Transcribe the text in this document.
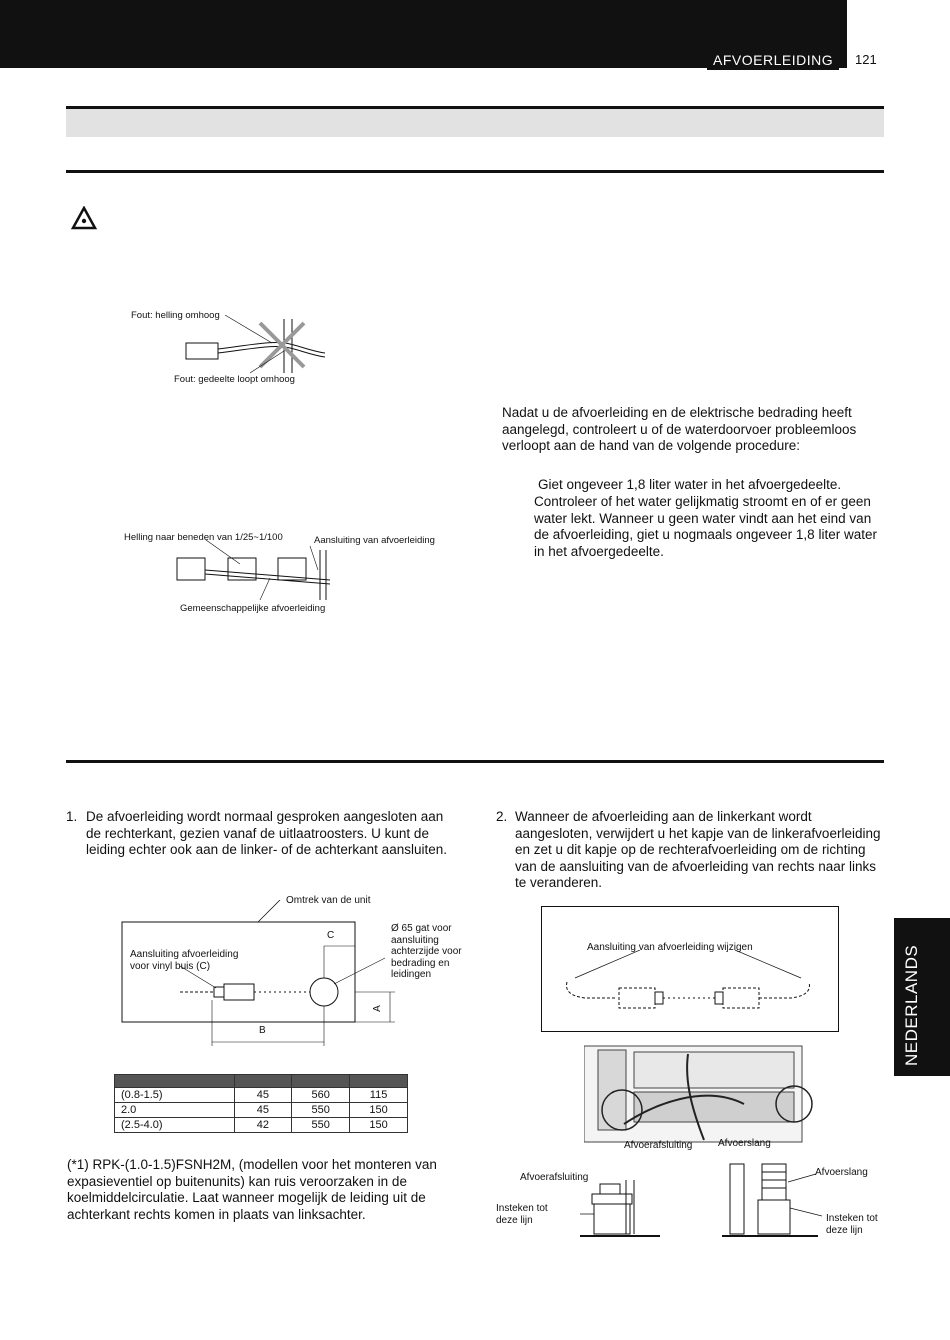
AFVOERLEIDING	121
Fout: helling omhoog
Fout: gedeelte loopt omhoog
Helling naar beneden van 1/25~1/100	Aansluiting van afvoerleiding
Gemeenschappelijke afvoerleiding
Nadat u de afvoerleiding en de elektrische bedrading heeft aangelegd, controleert u of de waterdoorvoer probleemloos verloopt aan de hand van de volgende procedure:
Giet ongeveer 1,8 liter water in het afvoergedeelte.
Controleer of het water gelijkmatig stroomt en of er geen water lekt. Wanneer u geen water vindt aan het eind van de afvoerleiding, giet u nogmaals ongeveer 1,8 liter water in het afvoergedeelte.
1. De afvoerleiding wordt normaal gesproken aangesloten aan de rechterkant, gezien vanaf de uitlaatroosters. U kunt de leiding echter ook aan de linker- of de achterkant aansluiten.
2. Wanneer de afvoerleiding aan de linkerkant wordt aangesloten, verwijdert u het kapje van de linkerafvoerleiding en zet u dit kapje op de rechterafvoerleiding om de richting van de aansluiting van de afvoerleiding van rechts naar links te veranderen.
Omtrek van de unit
Aansluiting afvoerleiding voor vinyl buis (C)
Ø 65 gat voor aansluiting achterzijde voor bedrading en leidingen
C
A
B

(0.8-1.5)	45	560	115
2.0	45	550	150
(2.5-4.0)	42	550	150
(*1) RPK-(1.0-1.5)FSNH2M, (modellen voor het monteren van expasieventiel op buitenunits) kan ruis veroorzaken in de koelmiddelcirculatie. Laat wanneer mogelijk de leiding uit de achterkant rechts komen in plaats van linksachter.
Aansluiting van afvoerleiding wijzigen
Afvoerafsluiting	Afvoerslang
Afvoerafsluiting
Insteken tot deze lijn
Afvoerslang
Insteken tot deze lijn
NEDERLANDS
